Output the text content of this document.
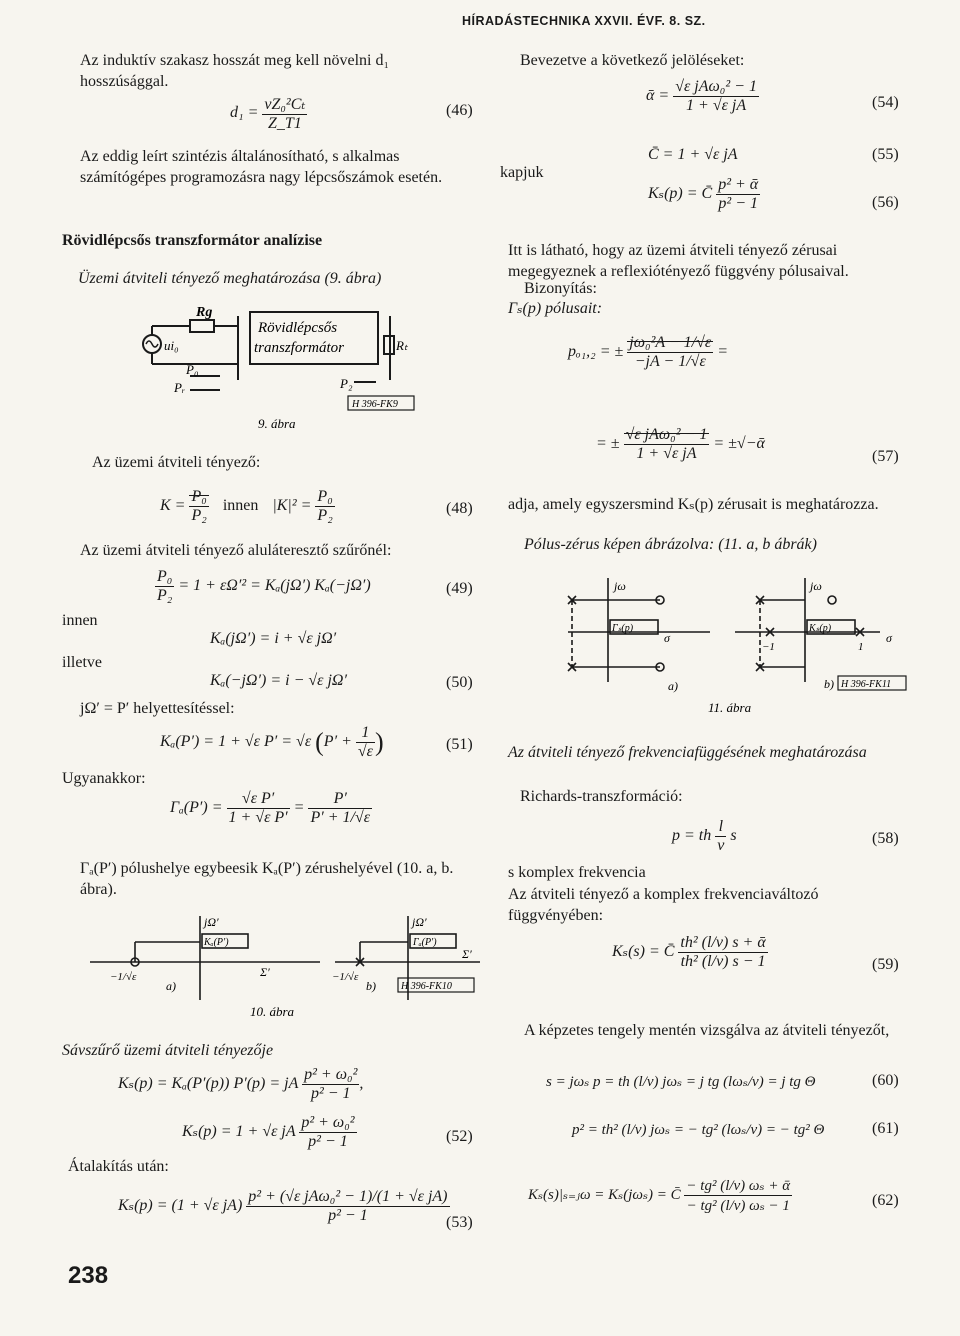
HÍRADÁSTECHNIKA XXVII. ÉVF. 8. SZ.
Az induktív szakasz hosszát meg kell növelni d₁ hosszúsággal.
$d_1 = \frac{\text{vZ₀²Cₜ}}{Z\_T1}$	(46)
Az eddig leírt szintézis általánosítható, s alkalmas számítógépes programozásra nagy lépcsőszámok esetén.
Rövidlépcsős transzformátor analízise
Üzemi átviteli tényező meghatározása (9. ábra)
ui₀
Rg
Rövidlépcsős
transzformátor	Rₜ
P₀
Pᵣ	P₂
H 396-FK9
9. ábra
Az üzemi átviteli tényező:
$K = \frac{\text{P₀}}{\text{P₂}}$ innen $|K|^2 = \frac{\text{P₀}}{\text{P₂}}$	(48)
Az üzemi átviteli tényező aluláteresztő szűrőnél:
$\frac{\text{P₀}}{\text{P₂}} = 1 + \varepsilon\Omega'^2 = K_a(j\Omega')$ Kₐ(−jΩ′)	(49)
innen
Kₐ(jΩ′) = i + √ε jΩ′
illetve
Kₐ(−jΩ′) = i − √ε jΩ′	(50)
jΩ′ = P′ helyettesítéssel:
Kₐ(P′) = 1 + √ε P′ = √ε ($P' + \frac{1}{√\varepsilon}$ )	(51)
Ugyanakkor:
$\Gamma_a(P') = \frac{\text{√ε P′}}{\text{1 + √ε P′}} = \frac{P'}{P' + 1/√\varepsilon}$
Γₐ(P′) pólushelye egybeesik Kₐ(P′) zérushelyével (10. a, b. ábra).
jΩ′
Kₐ(P′)
Σ′
−1/√ε
a)
jΩ′
Γₐ(P′)
Σ′
−1/√ε
b)	H 396-FK10
10. ábra
Sávszűrő üzemi átviteli tényezője
Kₛ(p) = Kₐ(P′(p)) P′(p) = jA $\frac{\text{p² + ω₀²}}{\text{p² − 1}}$ ,
Kₛ(p) = 1 + √ε jA $\frac{\text{p² + ω₀²}}{\text{p² − 1}}$	(52)
Átalakítás után:
Kₛ(p) = (1 + √ε $jA) \frac{\text{p² + (√ε jAω₀² − 1)/(1 + √ε jA)}}{\text{p² − 1}}$
(53)
238
Bevezetve a következő jelöléseket:
ᾱ = $\frac{\text{√ε jAω₀² − 1}}{\text{1 + √ε jA}}$	(54)
C̄ = 1 + √ε jA	(55)
kapjuk
Kₛ(p) = C̄ $\frac{\text{p² + ᾱ}}{\text{p² − 1}}$	(56)
Itt is látható, hogy az üzemi átviteli tényező zérusai megegyeznek a reflexiótényező függvény pólusaival.
Bizonyítás:
Γₛ(p) pólusait:
pₒ₁,₂ = ± $\frac{\text{jω₀²A − 1/√ε}}{-jA - 1/√\varepsilon}$ =
= ± $\frac{\text{√ε jAω₀² − 1}}{\text{1 + √ε jA}}$ = ±√−ᾱ
(57)
adja, amely egyszersmind Kₛ(p) zérusait is meghatározza.
Pólus-zérus képen ábrázolva: (11. a, b ábrák)
jω
Γₛ(p)
σ
a)
jω
Kₛ(p)
σ
−1	1
b) H 396-FK11
11. ábra
Az átviteli tényező frekvenciafüggésének meghatározása
Richards-transzformáció:
p = th $\frac{l}{v}$ s	(58)
s komplex frekvencia
Az átviteli tényező a komplex frekvenciaváltozó függvényében:
Kₛ(s) = C̄ $\frac{\text{th² (l/v) s + ᾱ}}{\text{th² (l/v) s − 1}}$	(59)
A képzetes tengely mentén vizsgálva az átviteli tényezőt,
s = jωₛ p = th (l/v) jωₛ = j tg (lωₛ/v) = j tg Θ	(60)
p² = th² (l/v) jωₛ = − tg² (lωₛ/v) = − tg² Θ	(61)
Kₛ(s)|ₛ₌ⱼω = Kₛ(jωₛ) = C̄ $\frac{\text{− tg² (l/v) ωₛ + ᾱ}}{\text{− tg² (l/v) ωₛ − 1}}$	(62)
